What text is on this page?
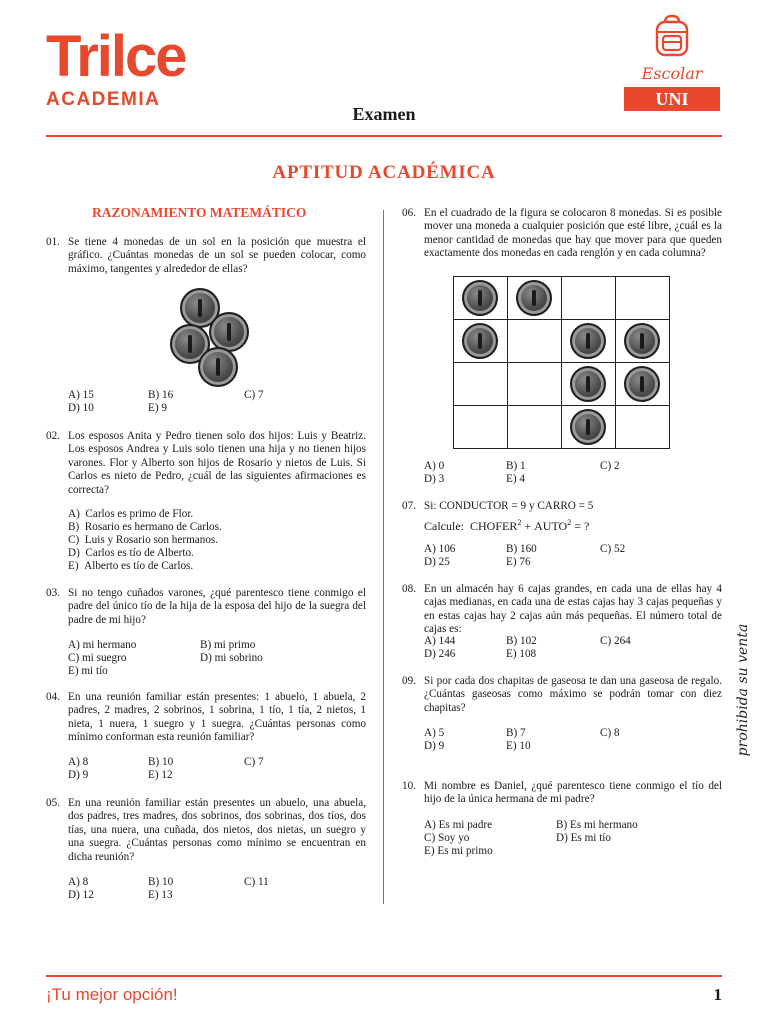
Trilce
ACADEMIA
Escolar
UNI
Examen
APTITUD ACADÉMICA
RAZONAMIENTO MATEMÁTICO
01. Se tiene 4 monedas de un sol en la posición que muestra el gráfico. ¿Cuántas monedas de un sol se pueden colocar, como máximo, tangentes y alrededor de ellas?
A) 15	B) 16	C) 7
D) 10	E) 9
02. Los esposos Anita y Pedro tienen solo dos hijos: Luis y Beatriz. Los esposos Andrea y Luis solo tienen una hija y no tienen hijos varones. Flor y Alberto son hijos de Rosario y nietos de Luis. Si Carlos es nieto de Pedro, ¿cuál de las siguientes afirmaciones es correcta?
A)  Carlos es primo de Flor.
B)  Rosario es hermano de Carlos.
C)  Luis y Rosario son hermanos.
D)  Carlos es tío de Alberto.
E)  Alberto es tío de Carlos.
03. Si no tengo cuñados varones, ¿qué parentesco tiene conmigo el padre del único tío de la hija de la esposa del hijo de la suegra del padre de mi hijo?
A) mi hermano	B) mi primo
C) mi suegro	D) mi sobrino
E) mi tío
04. En una reunión familiar están presentes: 1 abuelo, 1 abuela, 2 padres, 2 madres, 2 sobrinos, 1 sobrina, 1 tío, 1 tía, 2 nietos, 1 nieta, 1 nuera, 1 suegro y 1 suegra. ¿Cuántas personas como mínimo conforman esta reunión familiar?
A) 8	B) 10	C) 7
D) 9	E) 12
05. En una reunión familiar están presentes un abuelo, una abuela, dos padres, tres madres, dos sobrinos, dos sobrinas, dos tíos, dos tías, una nuera, una cuñada, dos nietos, dos nietas, un suegro y una suegra. ¿Cuántas personas como mínimo se encuentran en dicha reunión?
A) 8	B) 10	C) 11
D) 12	E) 13
06. En el cuadrado de la figura se colocaron 8 monedas. Si es posible mover una moneda a cualquier posición que esté libre, ¿cuál es la menor cantidad de monedas que hay que mover para que queden exactamente dos monedas en cada renglón y en cada columna?

A) 0	B) 1	C) 2
D) 3	E) 4
07. Si: CONDUCTOR = 9 y CARRO = 5
Calcule: $CHOFER^2$ + $AUTO^2$ = ?
A) 106	B) 160	C) 52
D) 25	E) 76
08. En un almacén hay 6 cajas grandes, en cada una de ellas hay 4 cajas medianas, en cada una de estas cajas hay 3 cajas pequeñas y en estas cajas hay 2 cajas aún más pequeñas. El número total de cajas es:
A) 144	B) 102	C) 264
D) 246	E) 108
09. Si por cada dos chapitas de gaseosa te dan una gaseosa de regalo. ¿Cuántas gaseosas como máximo se podrán tomar con diez chapitas?
A) 5	B) 7	C) 8
D) 9	E) 10
10. Mi nombre es Daniel, ¿qué parentesco tiene conmigo el tío del hijo de la única hermana de mi padre?
A) Es mi padre	B) Es mi hermano
C) Soy yo	D) Es mi tío
E) Es mi primo
prohibida su venta
¡Tu mejor opción!	1
